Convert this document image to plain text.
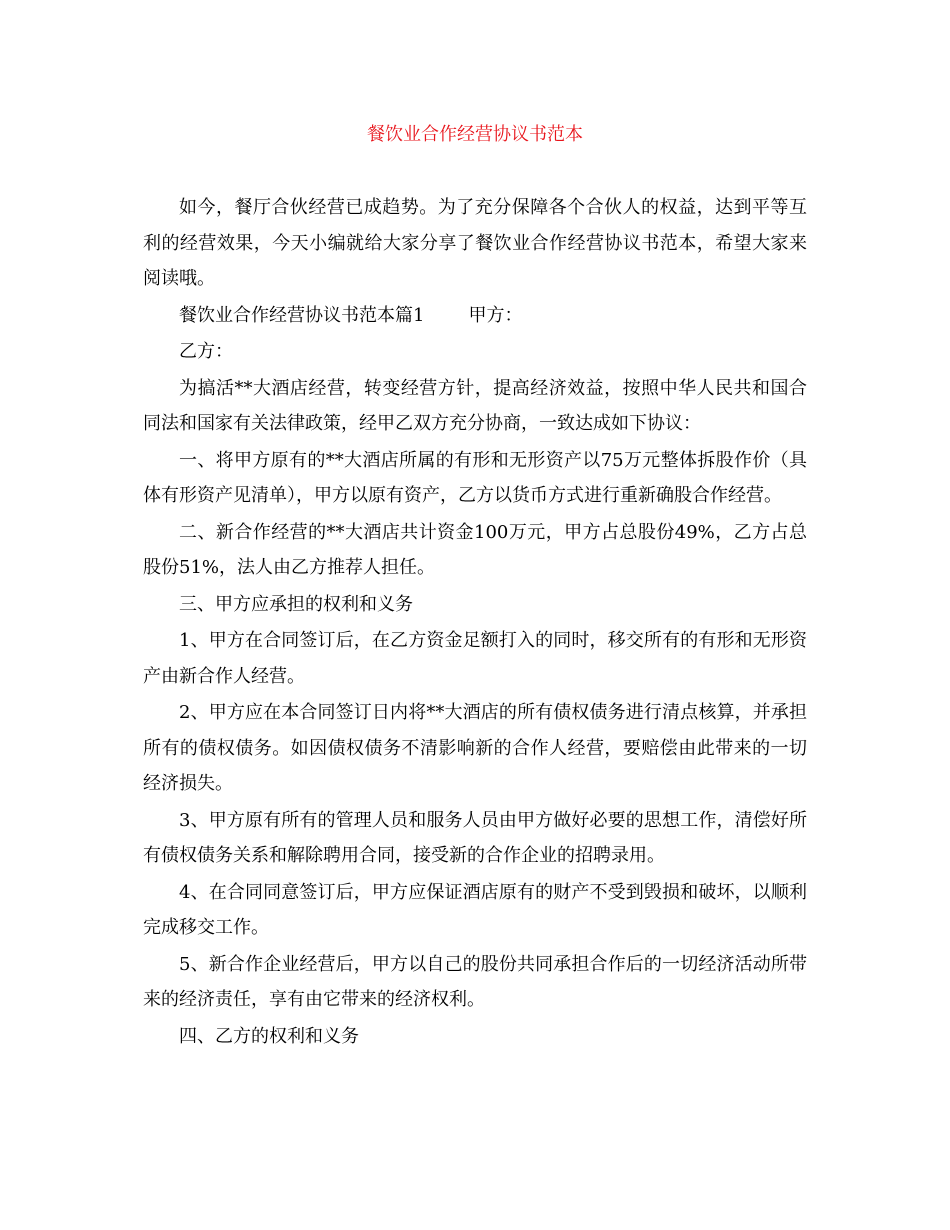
餐饮业合作经营协议书范本

如今，餐厅合伙经营已成趋势。为了充分保障各个合伙人的权益，达到平等互利的经营效果，今天小编就给大家分享了餐饮业合作经营协议书范本，希望大家来阅读哦。

餐饮业合作经营协议书范本篇1 甲方：

乙方：

为搞活**大酒店经营，转变经营方针，提高经济效益，按照中华人民共和国合同法和国家有关法律政策，经甲乙双方充分协商，一致达成如下协议：

一、将甲方原有的**大酒店所属的有形和无形资产以75万元整体拆股作价（具体有形资产见清单），甲方以原有资产，乙方以货币方式进行重新确股合作经营。

二、新合作经营的**大酒店共计资金100万元，甲方占总股份49%，乙方占总股份51%，法人由乙方推荐人担任。

三、甲方应承担的权利和义务

1、甲方在合同签订后，在乙方资金足额打入的同时，移交所有的有形和无形资产由新合作人经营。

2、甲方应在本合同签订日内将**大酒店的所有债权债务进行清点核算，并承担所有的债权债务。如因债权债务不清影响新的合作人经营，要赔偿由此带来的一切经济损失。

3、甲方原有所有的管理人员和服务人员由甲方做好必要的思想工作，清偿好所有债权债务关系和解除聘用合同，接受新的合作企业的招聘录用。

4、在合同同意签订后，甲方应保证酒店原有的财产不受到毁损和破坏，以顺利完成移交工作。

5、新合作企业经营后，甲方以自己的股份共同承担合作后的一切经济活动所带来的经济责任，享有由它带来的经济权利。

四、乙方的权利和义务
